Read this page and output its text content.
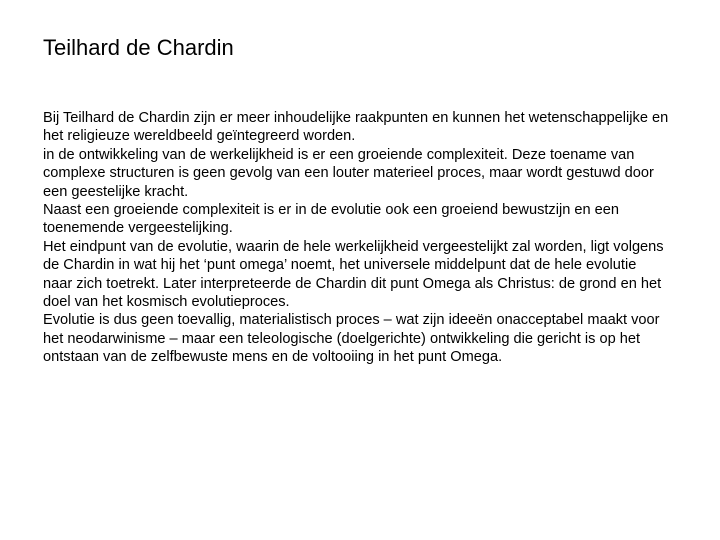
Teilhard de Chardin

Bij Teilhard de Chardin zijn er meer inhoudelijke raakpunten en kunnen het wetenschappelijke en het religieuze wereldbeeld geïntegreerd worden.

in de ontwikkeling van de werkelijkheid is er een groeiende complexiteit. Deze toename van complexe structuren is geen gevolg van een louter materieel proces, maar wordt gestuwd door een geestelijke kracht.

Naast een groeiende complexiteit is er in de evolutie ook een groeiend bewustzijn en een toenemende vergeestelijking.

Het eindpunt van de evolutie, waarin de hele werkelijkheid vergeestelijkt zal worden, ligt volgens de Chardin in wat hij het ‘punt omega’ noemt, het universele middelpunt dat de hele evolutie naar zich toetrekt. Later interpreteerde de Chardin dit punt Omega als Christus: de grond en het doel van het kosmisch evolutieproces.

Evolutie is dus geen toevallig, materialistisch proces – wat zijn ideeën onacceptabel maakt voor het neodarwinisme – maar een teleologische (doelgerichte) ontwikkeling die gericht is op het ontstaan van de zelfbewuste mens en de voltooiing in het punt Omega.
